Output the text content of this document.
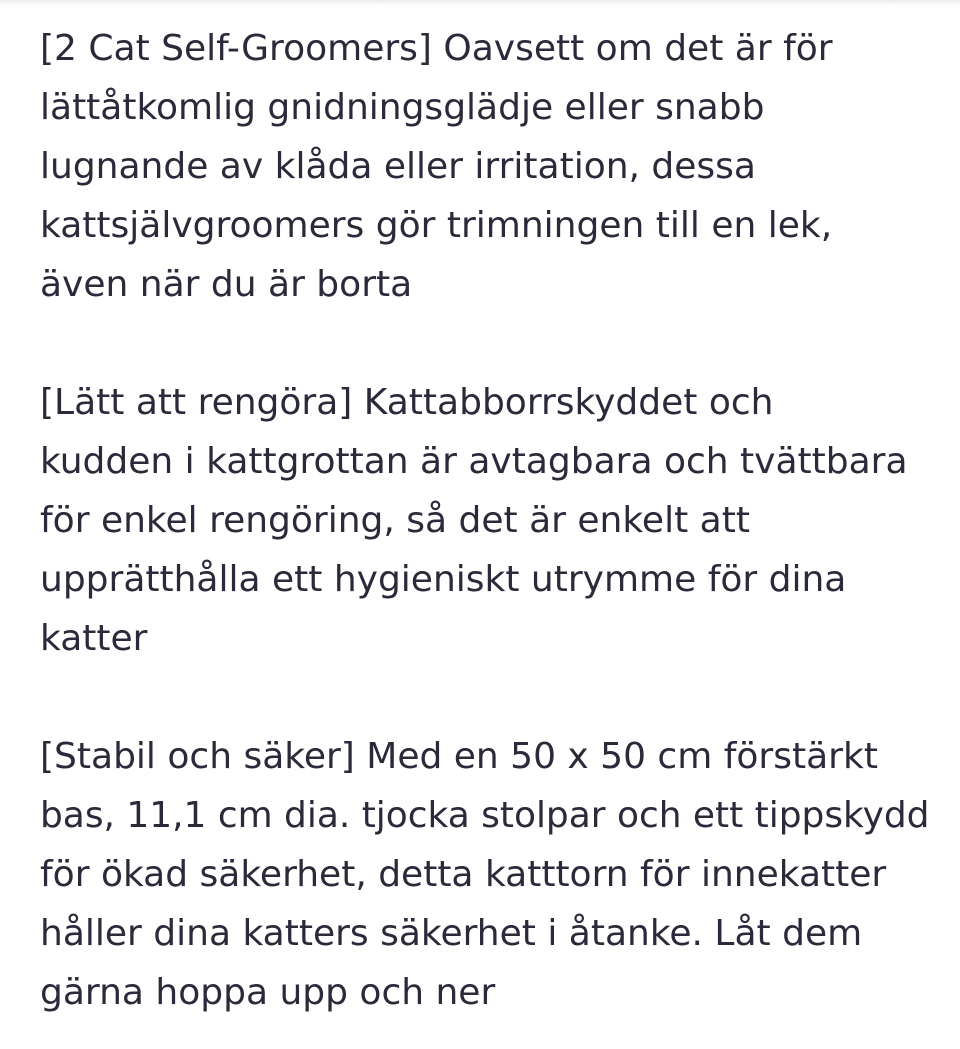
[2 Cat Self-Groomers] Oavsett om det är för
lättåtkomlig gnidningsglädje eller snabb
lugnande av klåda eller irritation, dessa
kattsjälvgroomers gör trimningen till en lek,
även när du är borta

[Lätt att rengöra] Kattabborrskyddet och
kudden i kattgrottan är avtagbara och tvättbara
för enkel rengöring, så det är enkelt att
upprätthålla ett hygieniskt utrymme för dina
katter

[Stabil och säker] Med en 50 x 50 cm förstärkt
bas, 11,1 cm dia. tjocka stolpar och ett tippskydd
för ökad säkerhet, detta katttorn för innekatter
håller dina katters säkerhet i åtanke. Låt dem
gärna hoppa upp och ner
